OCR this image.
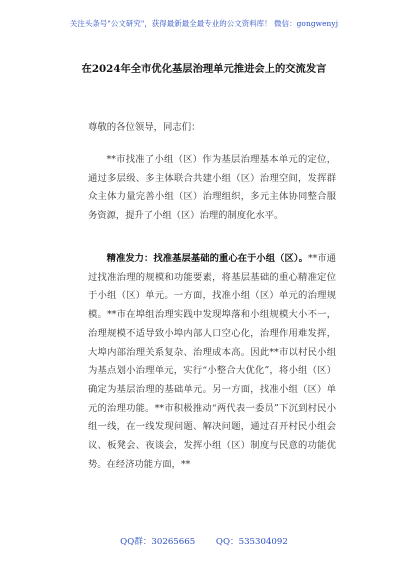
关注头条号"公文研究"，获得最新最全最专业的公文资料库！ 微信：gongwenyj
在2024年全市优化基层治理单元推进会上的交流发言
尊敬的各位领导，同志们：

**市找准了小组（区）作为基层治理基本单元的定位，通过多层级、多主体联合共建小组（区）治理空间，发挥群众主体力量完善小组（区）治理组织，多元主体协同整合服务资源，提升了小组（区）治理的制度化水平。

精准发力：找准基层基础的重心在于小组（区）。**市通过找准治理的规模和功能要素，将基层基础的重心精准定位于小组（区）单元。一方面，找准小组（区）单元的治理规模。**市在埠组治理实践中发现埠落和小组规模大小不一，治理规模不适导致小埠内部人口空心化，治理作用难发挥，大埠内部治理关系复杂、治理成本高。因此**市以村民小组为基点划小治理单元，实行“小整合大优化”，将小组（区）确定为基层治理的基础单元。另一方面，找准小组（区）单元的治理功能。**市积极推动“两代表一委员”下沉到村民小组一线，在一线发现问题、解决问题，通过召开村民小组会议、板凳会、夜谈会，发挥小组（区）制度与民意的功能优势。在经济功能方面，**

QQ群：30265665 QQ：535304092
